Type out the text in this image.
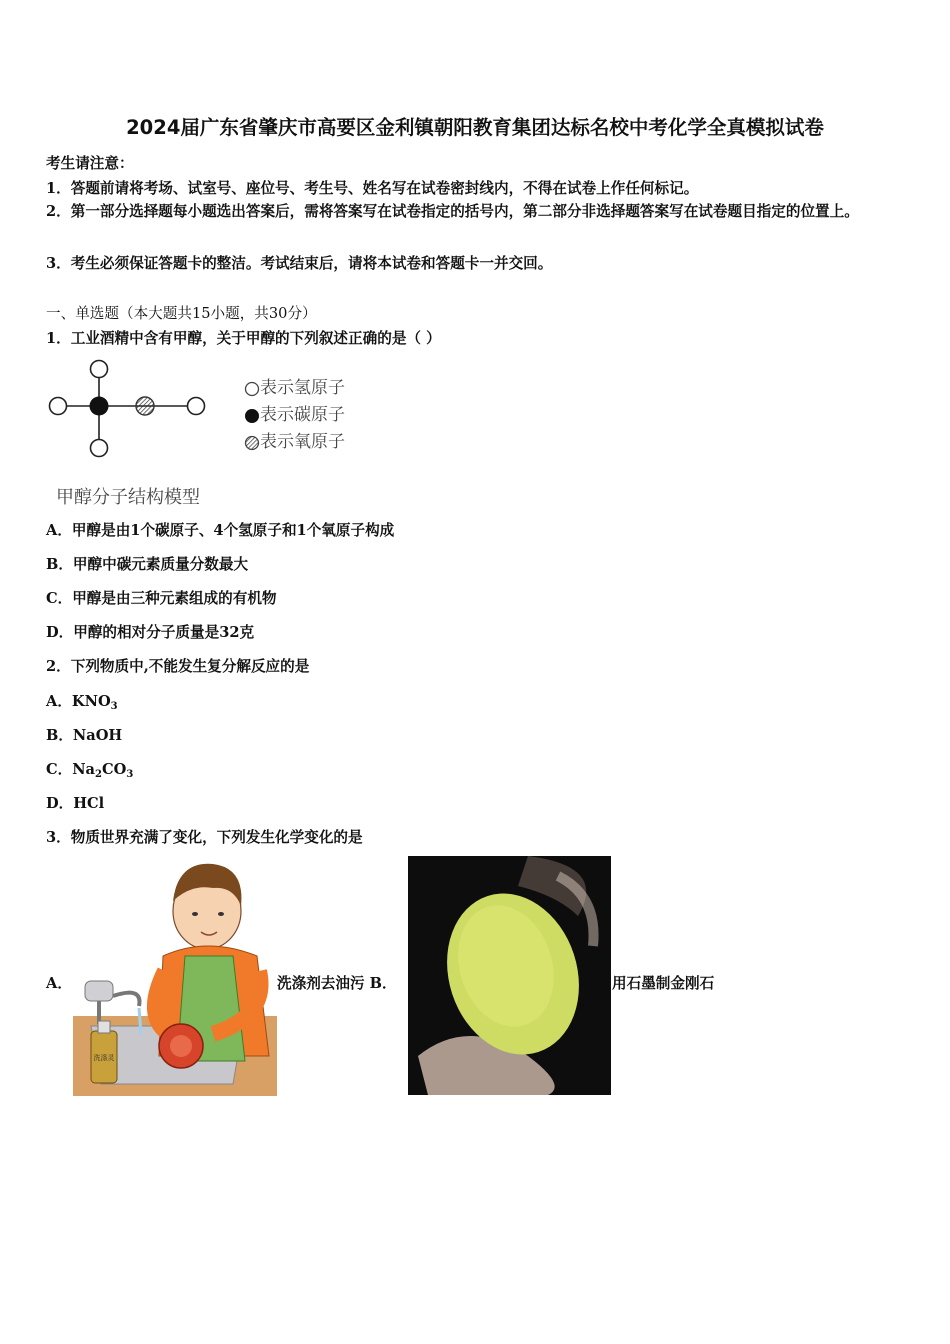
2024届广东省肇庆市高要区金利镇朝阳教育集团达标名校中考化学全真模拟试卷
考生请注意：
1．答题前请将考场、试室号、座位号、考生号、姓名写在试卷密封线内，不得在试卷上作任何标记。
2．第一部分选择题每小题选出答案后，需将答案写在试卷指定的括号内，第二部分非选择题答案写在试卷题目指定的位置上。
3．考生必须保证答题卡的整洁。考试结束后，请将本试卷和答题卡一并交回。
一、单选题（本大题共15小题，共30分）
1．工业酒精中含有甲醇，关于甲醇的下列叙述正确的是（ ）
表示氢原子
表示碳原子
表示氧原子
甲醇分子结构模型
A．甲醇是由1个碳原子、4个氢原子和1个氧原子构成
B．甲醇中碳元素质量分数最大
C．甲醇是由三种元素组成的有机物
D．甲醇的相对分子质量是32克
2．下列物质中,不能发生复分解反应的是
A．$KNO_3$
B．NaOH
C．$Na_2CO_3$
D．HCl
3．物质世界充满了变化，下列发生化学变化的是
A．
洗涤灵
洗涤剂去油污 B．	用石墨制金刚石
